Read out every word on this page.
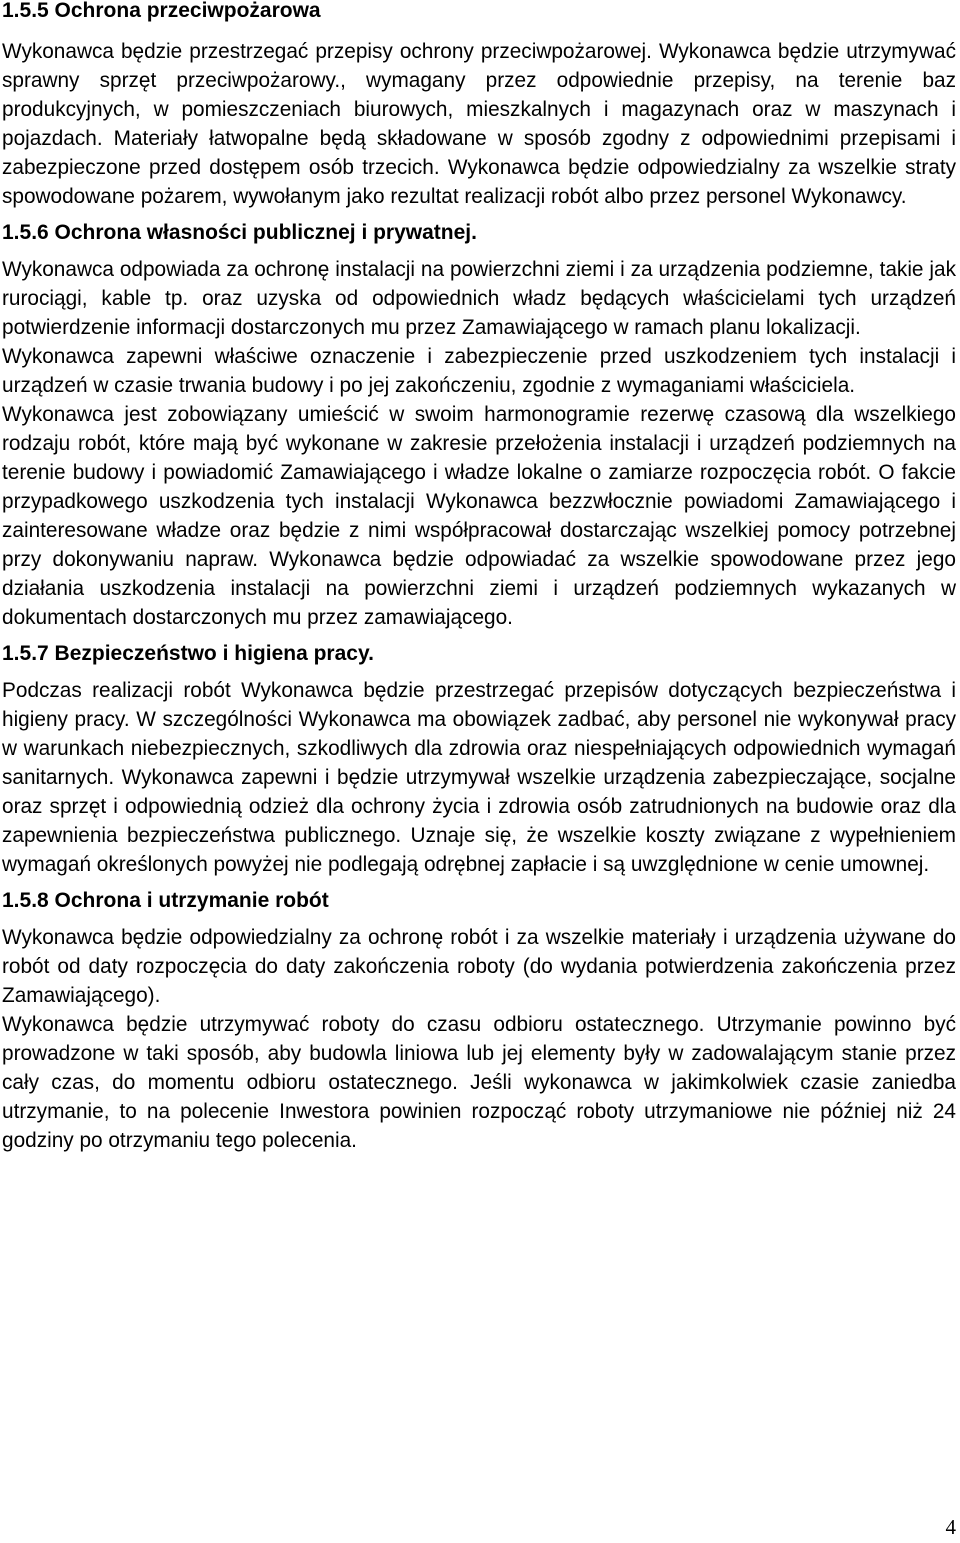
1.5.5 Ochrona przeciwpożarowa

Wykonawca będzie przestrzegać przepisy ochrony przeciwpożarowej. Wykonawca będzie utrzymywać sprawny sprzęt przeciwpożarowy., wymagany przez odpowiednie przepisy, na terenie baz produkcyjnych, w pomieszczeniach biurowych, mieszkalnych i magazynach oraz w maszynach i pojazdach. Materiały łatwopalne będą składowane w sposób zgodny z odpowiednimi przepisami i zabezpieczone przed dostępem osób trzecich. Wykonawca będzie odpowiedzialny za wszelkie straty spowodowane pożarem, wywołanym jako rezultat realizacji robót albo przez personel Wykonawcy.

1.5.6 Ochrona własności publicznej i prywatnej.

Wykonawca odpowiada za ochronę instalacji na powierzchni ziemi i za urządzenia podziemne, takie jak rurociągi, kable tp. oraz uzyska od odpowiednich władz będących właścicielami tych urządzeń potwierdzenie informacji dostarczonych mu przez Zamawiającego w ramach planu lokalizacji.

Wykonawca zapewni właściwe oznaczenie i zabezpieczenie przed uszkodzeniem tych instalacji i urządzeń w czasie trwania budowy i po jej zakończeniu, zgodnie z wymaganiami właściciela.

Wykonawca jest zobowiązany umieścić w swoim harmonogramie rezerwę czasową dla wszelkiego rodzaju robót, które mają być wykonane w zakresie przełożenia instalacji i urządzeń podziemnych na terenie budowy i powiadomić Zamawiającego i władze lokalne o zamiarze rozpoczęcia robót. O fakcie przypadkowego uszkodzenia tych instalacji Wykonawca bezzwłocznie powiadomi Zamawiającego i zainteresowane władze oraz będzie z nimi współpracował dostarczając wszelkiej pomocy potrzebnej przy dokonywaniu napraw. Wykonawca będzie odpowiadać za wszelkie spowodowane przez jego działania uszkodzenia instalacji na powierzchni ziemi i urządzeń podziemnych wykazanych w dokumentach dostarczonych mu przez zamawiającego.

1.5.7 Bezpieczeństwo i higiena pracy.

Podczas realizacji robót Wykonawca będzie przestrzegać przepisów dotyczących bezpieczeństwa i higieny pracy. W szczególności Wykonawca ma obowiązek zadbać, aby personel nie wykonywał pracy w warunkach niebezpiecznych, szkodliwych dla zdrowia oraz niespełniających odpowiednich wymagań sanitarnych. Wykonawca zapewni i będzie utrzymywał wszelkie urządzenia zabezpieczające, socjalne oraz sprzęt i odpowiednią odzież dla ochrony życia i zdrowia osób zatrudnionych na budowie oraz dla zapewnienia bezpieczeństwa publicznego. Uznaje się, że wszelkie koszty związane z wypełnieniem wymagań określonych powyżej nie podlegają odrębnej zapłacie i są uwzględnione w cenie umownej.

1.5.8 Ochrona i utrzymanie robót

Wykonawca będzie odpowiedzialny za ochronę robót i za wszelkie materiały i urządzenia używane do robót od daty rozpoczęcia do daty zakończenia roboty (do wydania potwierdzenia zakończenia przez Zamawiającego).

Wykonawca będzie utrzymywać roboty do czasu odbioru ostatecznego. Utrzymanie powinno być prowadzone w taki sposób, aby budowla liniowa lub jej elementy były w zadowalającym stanie przez cały czas, do momentu odbioru ostatecznego. Jeśli wykonawca w jakimkolwiek czasie zaniedba utrzymanie, to na polecenie Inwestora powinien rozpocząć roboty utrzymaniowe nie później niż 24 godziny po otrzymaniu tego polecenia.

4
